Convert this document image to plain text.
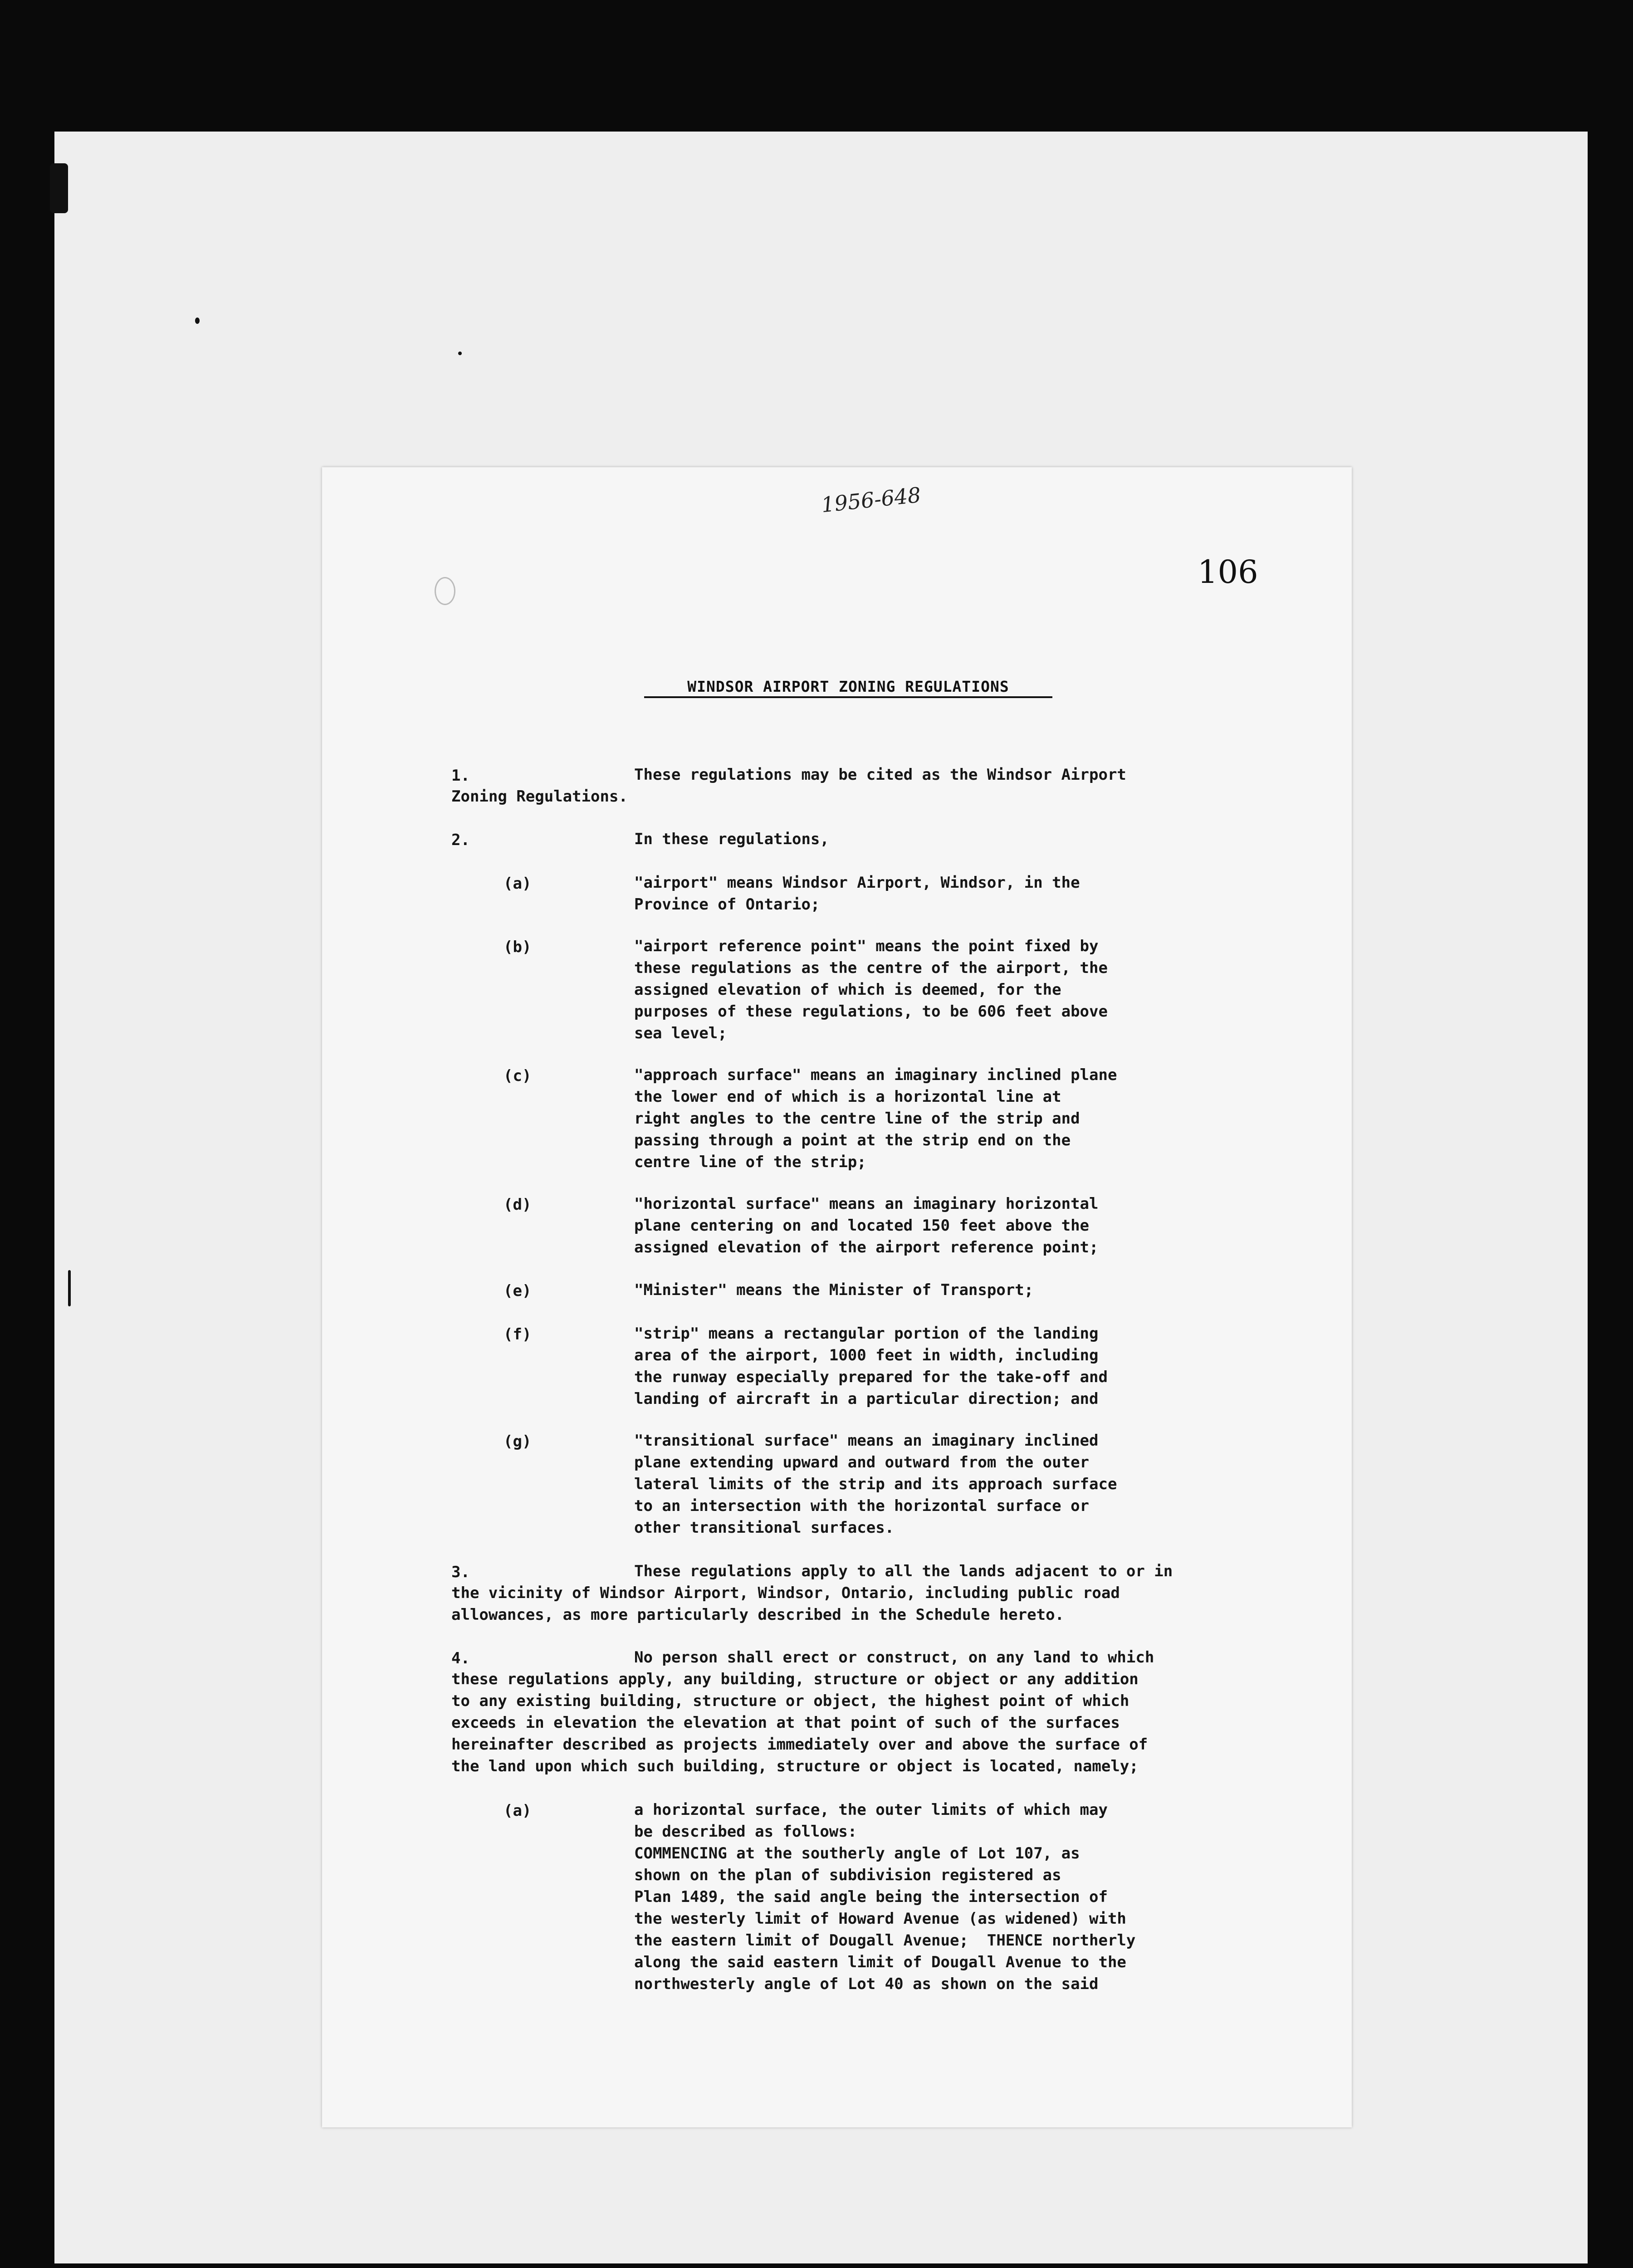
1956-648
106
WINDSOR AIRPORT ZONING REGULATIONS
1.	These regulations may be cited as the Windsor Airport
Zoning Regulations.
2.	In these regulations,
(a)	"airport" means Windsor Airport, Windsor, in the
Province of Ontario;
(b)	"airport reference point" means the point fixed by
these regulations as the centre of the airport, the
assigned elevation of which is deemed, for the
purposes of these regulations, to be 606 feet above
sea level;
(c)	"approach surface" means an imaginary inclined plane
the lower end of which is a horizontal line at
right angles to the centre line of the strip and
passing through a point at the strip end on the
centre line of the strip;
(d)	"horizontal surface" means an imaginary horizontal
plane centering on and located 150 feet above the
assigned elevation of the airport reference point;
(e)	"Minister" means the Minister of Transport;
(f)	"strip" means a rectangular portion of the landing
area of the airport, 1000 feet in width, including
the runway especially prepared for the take-off and
landing of aircraft in a particular direction; and
(g)	"transitional surface" means an imaginary inclined
plane extending upward and outward from the outer
lateral limits of the strip and its approach surface
to an intersection with the horizontal surface or
other transitional surfaces.
3.	These regulations apply to all the lands adjacent to or in
the vicinity of Windsor Airport, Windsor, Ontario, including public road
allowances, as more particularly described in the Schedule hereto.
4.	No person shall erect or construct, on any land to which
these regulations apply, any building, structure or object or any addition
to any existing building, structure or object, the highest point of which
exceeds in elevation the elevation at that point of such of the surfaces
hereinafter described as projects immediately over and above the surface of
the land upon which such building, structure or object is located, namely;
(a)	a horizontal surface, the outer limits of which may
be described as follows:
COMMENCING at the southerly angle of Lot 107, as
shown on the plan of subdivision registered as
Plan 1489, the said angle being the intersection of
the westerly limit of Howard Avenue (as widened) with
the eastern limit of Dougall Avenue;  THENCE northerly
along the said eastern limit of Dougall Avenue to the
northwesterly angle of Lot 40 as shown on the said
